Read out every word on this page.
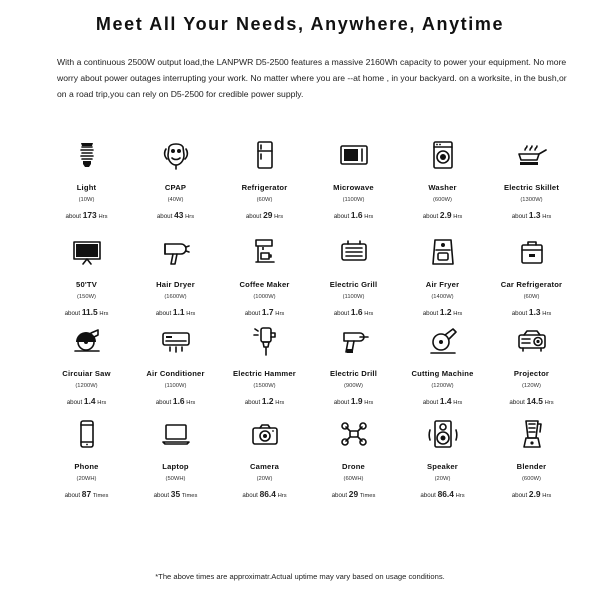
Meet All Your Needs, Anywhere, Anytime

With a continuous 2500W output load,the LANPWR D5-2500 features a massive 2160Wh capacity to power your equipment. No more worry about power outages interrupting your work. No matter where you are --at home , in your backyard. on a worksite, in the bush,or on a road trip,you can rely on D5-2500 for credible power supply.

Light
(10W)
about 173 Hrs
CPAP
(40W)
about 43 Hrs
Refrigerator
(60W)
about 29 Hrs
Microwave
(1100W)
about 1.6 Hrs
Washer
(600W)
about 2.9 Hrs
Electric Skillet
(1300W)
about 1.3 Hrs
50'TV
(150W)
about 11.5 Hrs
Hair Dryer
(1600W)
about 1.1 Hrs
Coffee Maker
(1000W)
about 1.7 Hrs
Electric Grill
(1100W)
about 1.6 Hrs
Air Fryer
(1400W)
about 1.2 Hrs
Car Refrigerator
(60W)
about 1.3 Hrs
Circuiar Saw
(1200W)
about 1.4 Hrs
Air Conditioner
(1100W)
about 1.6 Hrs
Electric Hammer
(1500W)
about 1.2 Hrs
Electric Drill
(900W)
about 1.9 Hrs
Cutting Machine
(1200W)
about 1.4 Hrs
Projector
(120W)
about 14.5 Hrs
Phone
(20WH)
about 87 Times
Laptop
(50WH)
about 35 Times
Camera
(20W)
about 86.4 Hrs
Drone
(60WH)
about 29 Times
Speaker
(20W)
about 86.4 Hrs
Blender
(600W)
about 2.9 Hrs
*The above times are approximatr.Actual uptime may vary based on usage conditions.
